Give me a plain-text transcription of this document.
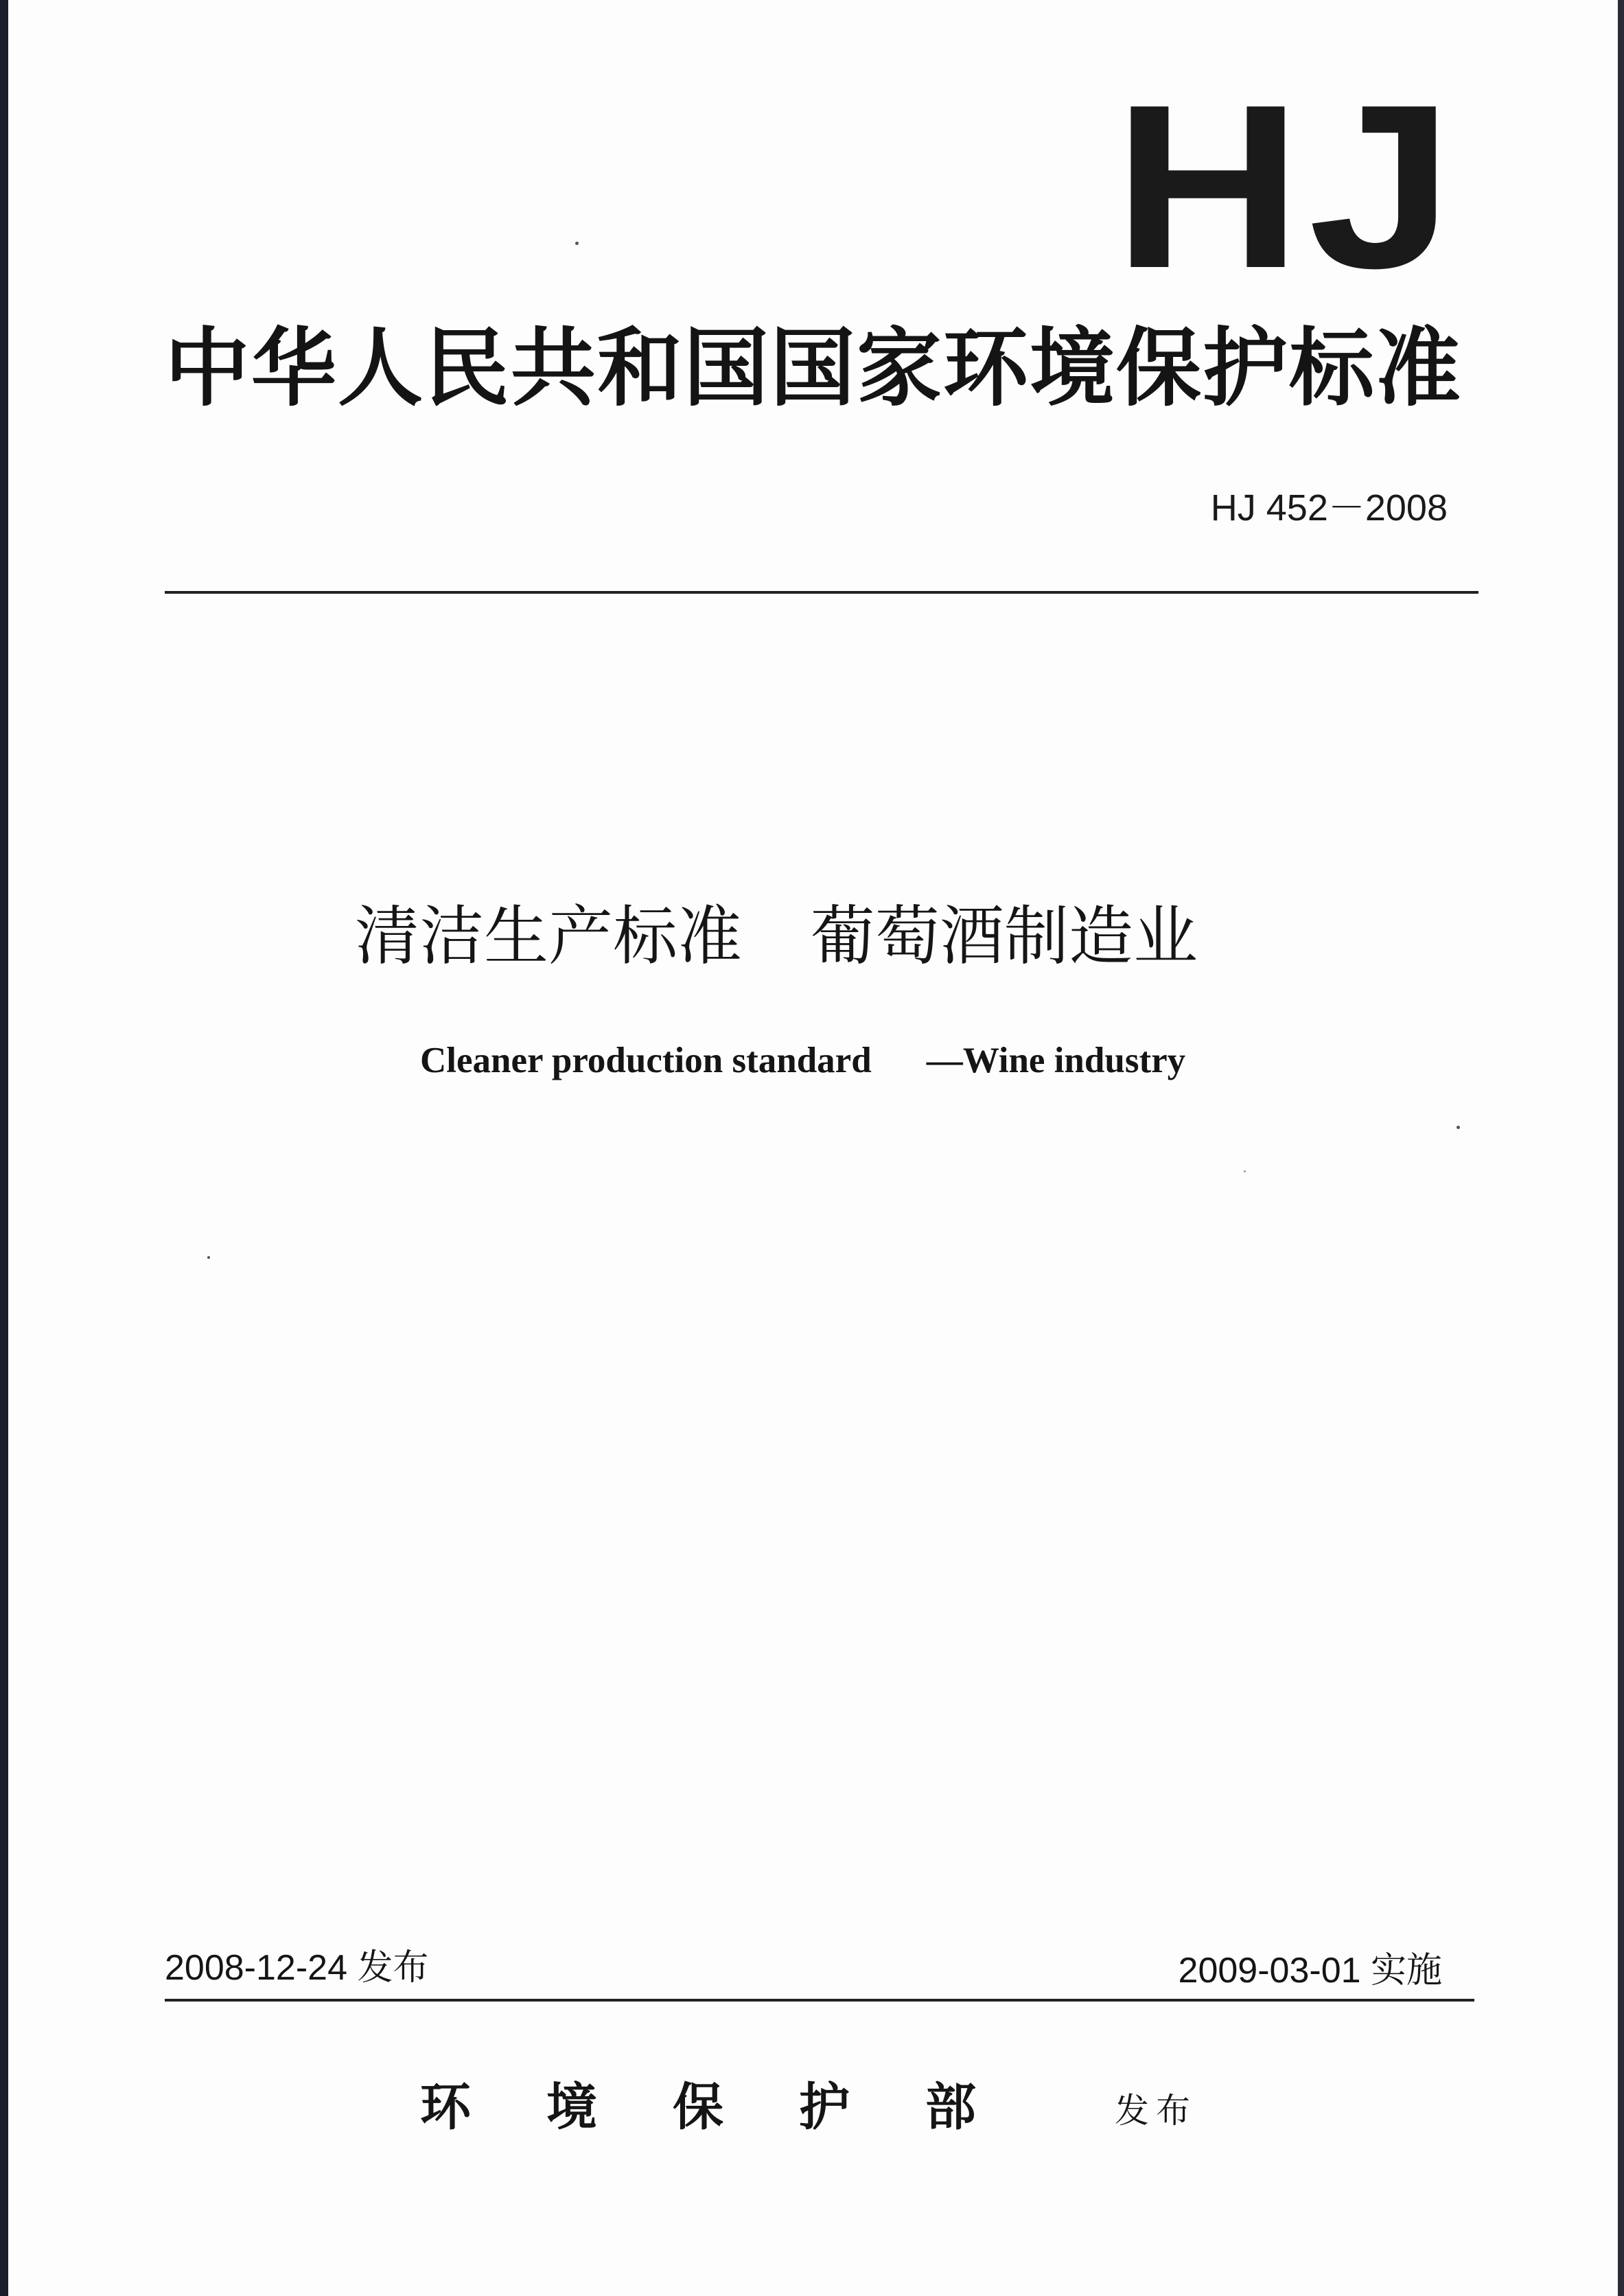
HJ
中华人民共和国国家环境保护标准
HJ 452－2008
清洁生产标准 葡萄酒制造业
Cleaner production standard —Wine industry
2008-12-24 发布	2009-03-01 实施
环境保护部 发布
